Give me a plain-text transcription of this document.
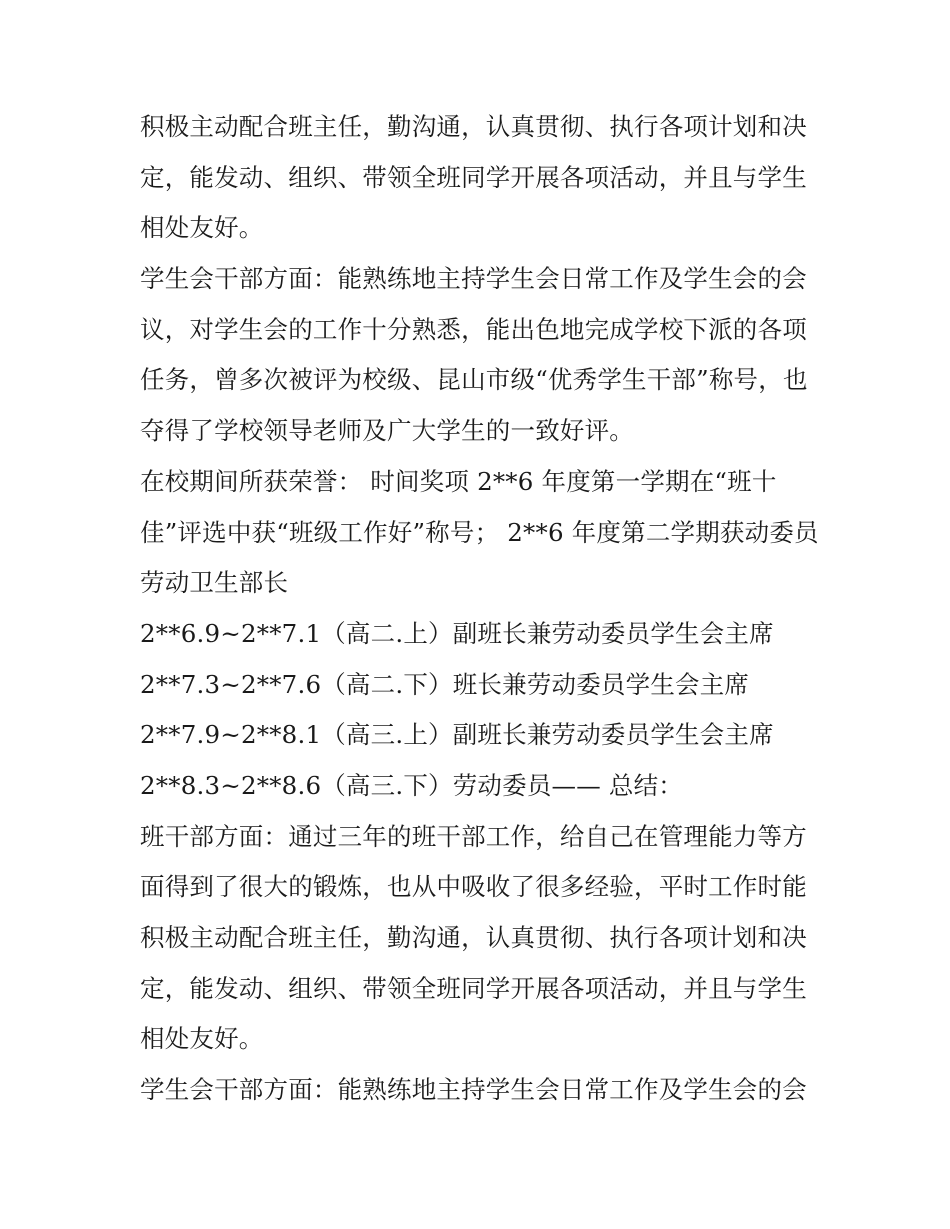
积极主动配合班主任，勤沟通，认真贯彻、执行各项计划和决
定，能发动、组织、带领全班同学开展各项活动，并且与学生
相处友好。
学生会干部方面：能熟练地主持学生会日常工作及学生会的会
议，对学生会的工作十分熟悉，能出色地完成学校下派的各项
任务，曾多次被评为校级、昆山市级“优秀学生干部”称号，也
夺得了学校领导老师及广大学生的一致好评。
在校期间所获荣誉： 时间奖项 2**6 年度第一学期在“班十
佳”评选中获“班级工作好”称号； 2**6 年度第二学期获动委员
劳动卫生部长
2**6.9~2**7.1（高二.上）副班长兼劳动委员学生会主席
2**7.3~2**7.6（高二.下）班长兼劳动委员学生会主席
2**7.9~2**8.1（高三.上）副班长兼劳动委员学生会主席
2**8.3~2**8.6（高三.下）劳动委员—— 总结：
班干部方面：通过三年的班干部工作，给自己在管理能力等方
面得到了很大的锻炼，也从中吸收了很多经验，平时工作时能
积极主动配合班主任，勤沟通，认真贯彻、执行各项计划和决
定，能发动、组织、带领全班同学开展各项活动，并且与学生
相处友好。
学生会干部方面：能熟练地主持学生会日常工作及学生会的会
